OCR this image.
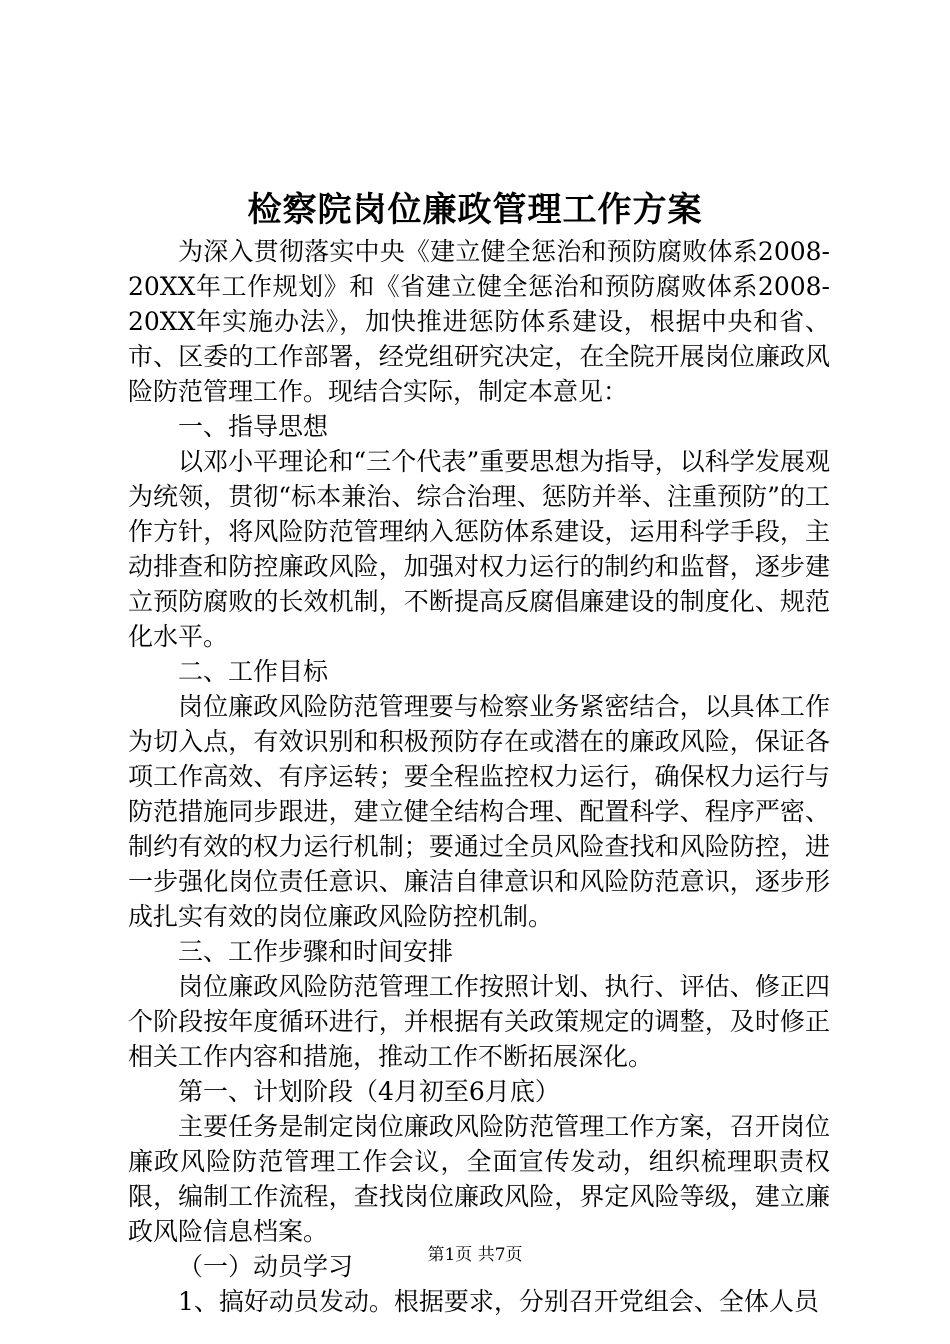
检察院岗位廉政管理工作方案

为深入贯彻落实中央《建立健全惩治和预防腐败体系2008-20XX年工作规划》和《省建立健全惩治和预防腐败体系2008-20XX年实施办法》，加快推进惩防体系建设，根据中央和省、市、区委的工作部署，经党组研究决定，在全院开展岗位廉政风险防范管理工作。现结合实际，制定本意见：

一、指导思想

以邓小平理论和“三个代表”重要思想为指导，以科学发展观为统领，贯彻“标本兼治、综合治理、惩防并举、注重预防”的工作方针，将风险防范管理纳入惩防体系建设，运用科学手段，主动排查和防控廉政风险，加强对权力运行的制约和监督，逐步建立预防腐败的长效机制，不断提高反腐倡廉建设的制度化、规范化水平。

二、工作目标

岗位廉政风险防范管理要与检察业务紧密结合，以具体工作为切入点，有效识别和积极预防存在或潜在的廉政风险，保证各项工作高效、有序运转；要全程监控权力运行，确保权力运行与防范措施同步跟进，建立健全结构合理、配置科学、程序严密、制约有效的权力运行机制；要通过全员风险查找和风险防控，进一步强化岗位责任意识、廉洁自律意识和风险防范意识，逐步形成扎实有效的岗位廉政风险防控机制。

三、工作步骤和时间安排

岗位廉政风险防范管理工作按照计划、执行、评估、修正四个阶段按年度循环进行，并根据有关政策规定的调整，及时修正相关工作内容和措施，推动工作不断拓展深化。

第一、计划阶段（4月初至6月底）

主要任务是制定岗位廉政风险防范管理工作方案，召开岗位廉政风险防范管理工作会议，全面宣传发动，组织梳理职责权限，编制工作流程，查找岗位廉政风险，界定风险等级，建立廉政风险信息档案。

（一）动员学习

1、搞好动员发动。根据要求，分别召开党组会、全体人员

第1页 共7页
